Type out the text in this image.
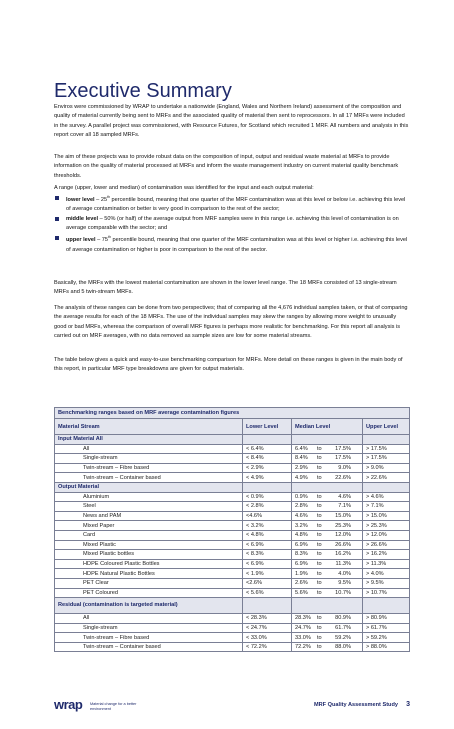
Executive Summary

Enviros were commissioned by WRAP to undertake a nationwide (England, Wales and Northern Ireland) assessment of the composition and quality of material currently being sent to MRFs and the associated quality of material then sent to reprocessors. In all 17 MRFs were included in the survey. A parallel project was commissioned, with Resource Futures, for Scotland which recruited 1 MRF. All numbers and analysis in this report cover all 18 sampled MRFs.

The aim of these projects was to provide robust data on the composition of input, output and residual waste material at MRFs to provide information on the quality of material processed at MRFs and inform the waste management industry on current material quality benchmark thresholds.

A range (upper, lower and median) of contamination was identified for the input and each output material:

lower level – 25th percentile bound, meaning that one quarter of the MRF contamination was at this level or below i.e. achieving this level of average contamination or better is very good in comparison to the rest of the sector;
middle level – 50% (or half) of the average output from MRF samples were in this range i.e. achieving this level of contamination is on average comparable with the sector; and
upper level – 75th percentile bound, meaning that one quarter of the MRF contamination was at this level or higher i.e. achieving this level of average contamination or higher is poor in comparison to the rest of the sector.

Basically, the MRFs with the lowest material contamination are shown in the lower level range. The 18 MRFs consisted of 13 single-stream MRFs and 5 twin-stream MRFs.

The analysis of these ranges can be done from two perspectives; that of comparing all the 4,676 individual samples taken, or that of comparing the average results for each of the 18 MRFs. The use of the individual samples may skew the ranges by allowing more weight to unusually good or bad MRFs, whereas the comparison of overall MRF figures is perhaps more realistic for benchmarking. For this report all analysis is carried out on MRF averages, with no data removed as sample sizes are low for some material streams.

The table below gives a quick and easy-to-use benchmarking comparison for MRFs. More detail on these ranges is given in the main body of this report, in particular MRF type breakdowns are given for output materials.

Benchmarking ranges based on MRF average contamination figures			
Material Stream	Lower Level	Median Level	Upper Level
Input Material All			
All	< 6.4%	6.4% to 17.5%	> 17.5%
Single-stream	< 8.4%	8.4% to 17.5%	> 17.5%
Twin-stream – Fibre based	< 2.9%	2.9% to 9.0%	> 9.0%
Twin-stream – Container based	< 4.9%	4.9% to 22.6%	> 22.6%
Output Material			
Aluminium	< 0.9%	0.9% to 4.6%	> 4.6%
Steel	< 2.8%	2.8% to 7.1%	> 7.1%
News and PAM	<4.6%	4.6% to 15.0%	> 15.0%
Mixed Paper	< 3.2%	3.2% to 25.3%	> 25.3%
Card	< 4.8%	4.8% to 12.0%	> 12.0%
Mixed Plastic	< 6.9%	6.9% to 26.6%	> 26.6%
Mixed Plastic bottles	< 8.3%	8.3% to 16.2%	> 16.2%
HDPE Coloured Plastic Bottles	< 6.9%	6.9% to 11.3%	> 11.3%
HDPE Natural Plastic Bottles	< 1.9%	1.9% to 4.0%	> 4.0%
PET Clear	<2.6%	2.6% to 9.5%	> 9.5%
PET Coloured	< 5.6%	5.6% to 10.7%	> 10.7%
Residual (contamination is targeted material)			
All	< 28.3%	28.3% to 80.9%	> 80.9%
Single-stream	< 24.7%	24.7% to 61.7%	> 61.7%
Twin-stream – Fibre based	< 33.0%	33.0% to 59.2%	> 59.2%
Twin-stream – Container based	< 72.2%	72.2% to 88.0%	> 88.0%
wrap Material change for a better environment
MRF Quality Assessment Study 3
